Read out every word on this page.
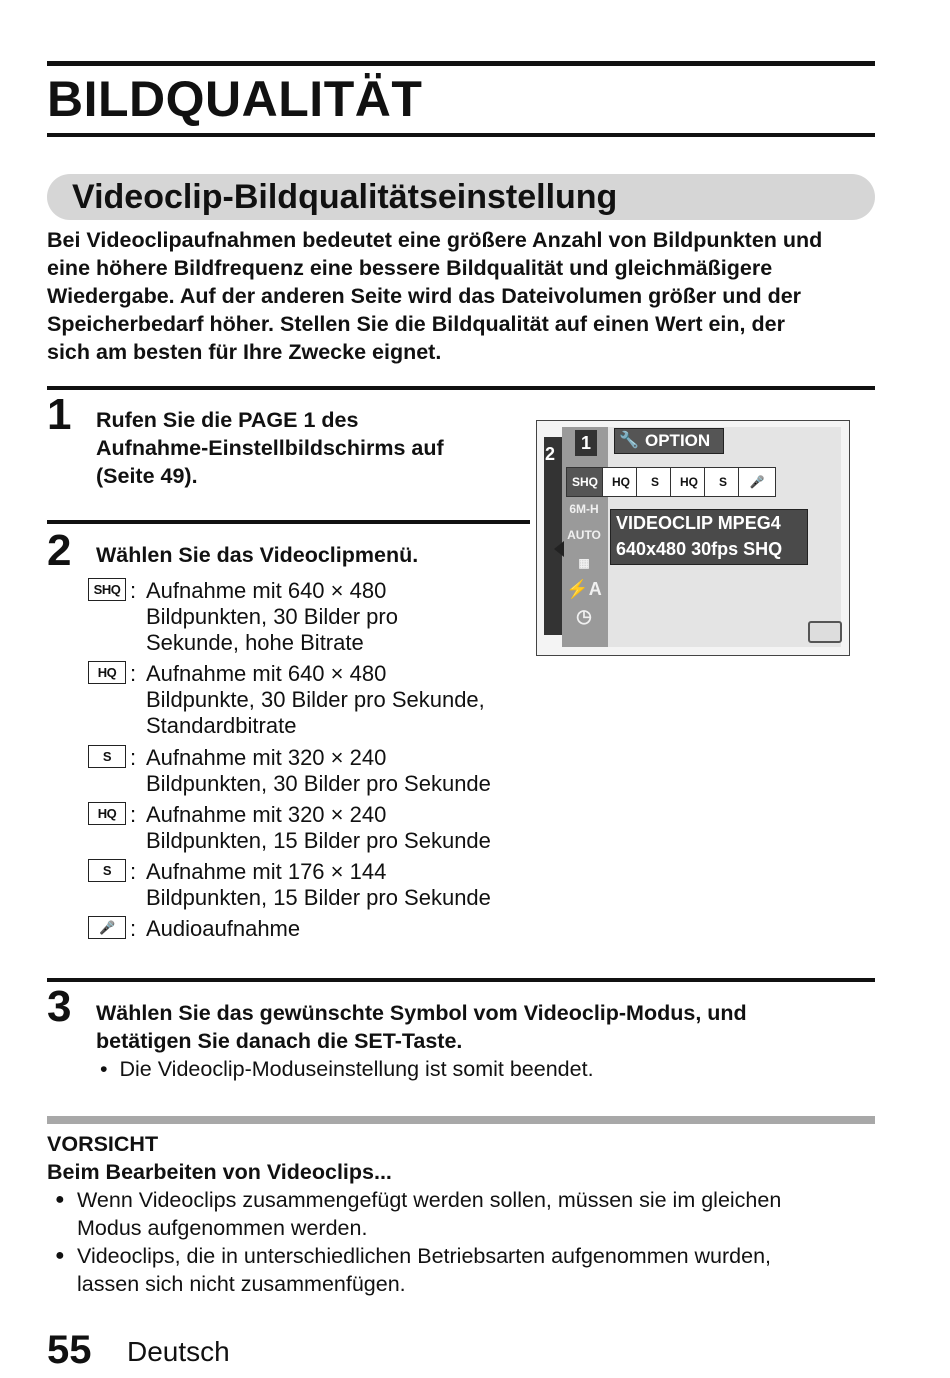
BILDQUALITÄT
Videoclip-Bildqualitätseinstellung
Bei Videoclipaufnahmen bedeutet eine größere Anzahl von Bildpunkten und
eine höhere Bildfrequenz eine bessere Bildqualität und gleichmäßigere
Wiedergabe. Auf der anderen Seite wird das Dateivolumen größer und der
Speicherbedarf höher. Stellen Sie die Bildqualität auf einen Wert ein, der
sich am besten für Ihre Zwecke eignet.
1 Rufen Sie die PAGE 1 des
Aufnahme-Einstellbildschirms auf
(Seite 49).
2
1	🔧 OPTION
SHQ	HQ	S	HQ	S	🎤
6M-H
AUTO
▦
⚡A
◷
VIDEOCLIP MPEG4
640x480 30fps SHQ
2 Wählen Sie das Videoclipmenü.
SHQ : Aufnahme mit 640 × 480
Bildpunkten, 30 Bilder pro
Sekunde, hohe Bitrate
HQ : Aufnahme mit 640 × 480
Bildpunkte, 30 Bilder pro Sekunde,
Standardbitrate
S : Aufnahme mit 320 × 240
Bildpunkten, 30 Bilder pro Sekunde
HQ : Aufnahme mit 320 × 240
Bildpunkten, 15 Bilder pro Sekunde
S : Aufnahme mit 176 × 144
Bildpunkten, 15 Bilder pro Sekunde
🎤 : Audioaufnahme
3 Wählen Sie das gewünschte Symbol vom Videoclip-Modus, und
betätigen Sie danach die SET-Taste.
•  Die Videoclip-Moduseinstellung ist somit beendet.
VORSICHT
Beim Bearbeiten von Videoclips...
● Wenn Videoclips zusammengefügt werden sollen, müssen sie im gleichen
Modus aufgenommen werden.
● Videoclips, die in unterschiedlichen Betriebsarten aufgenommen wurden,
lassen sich nicht zusammenfügen.
55 Deutsch
